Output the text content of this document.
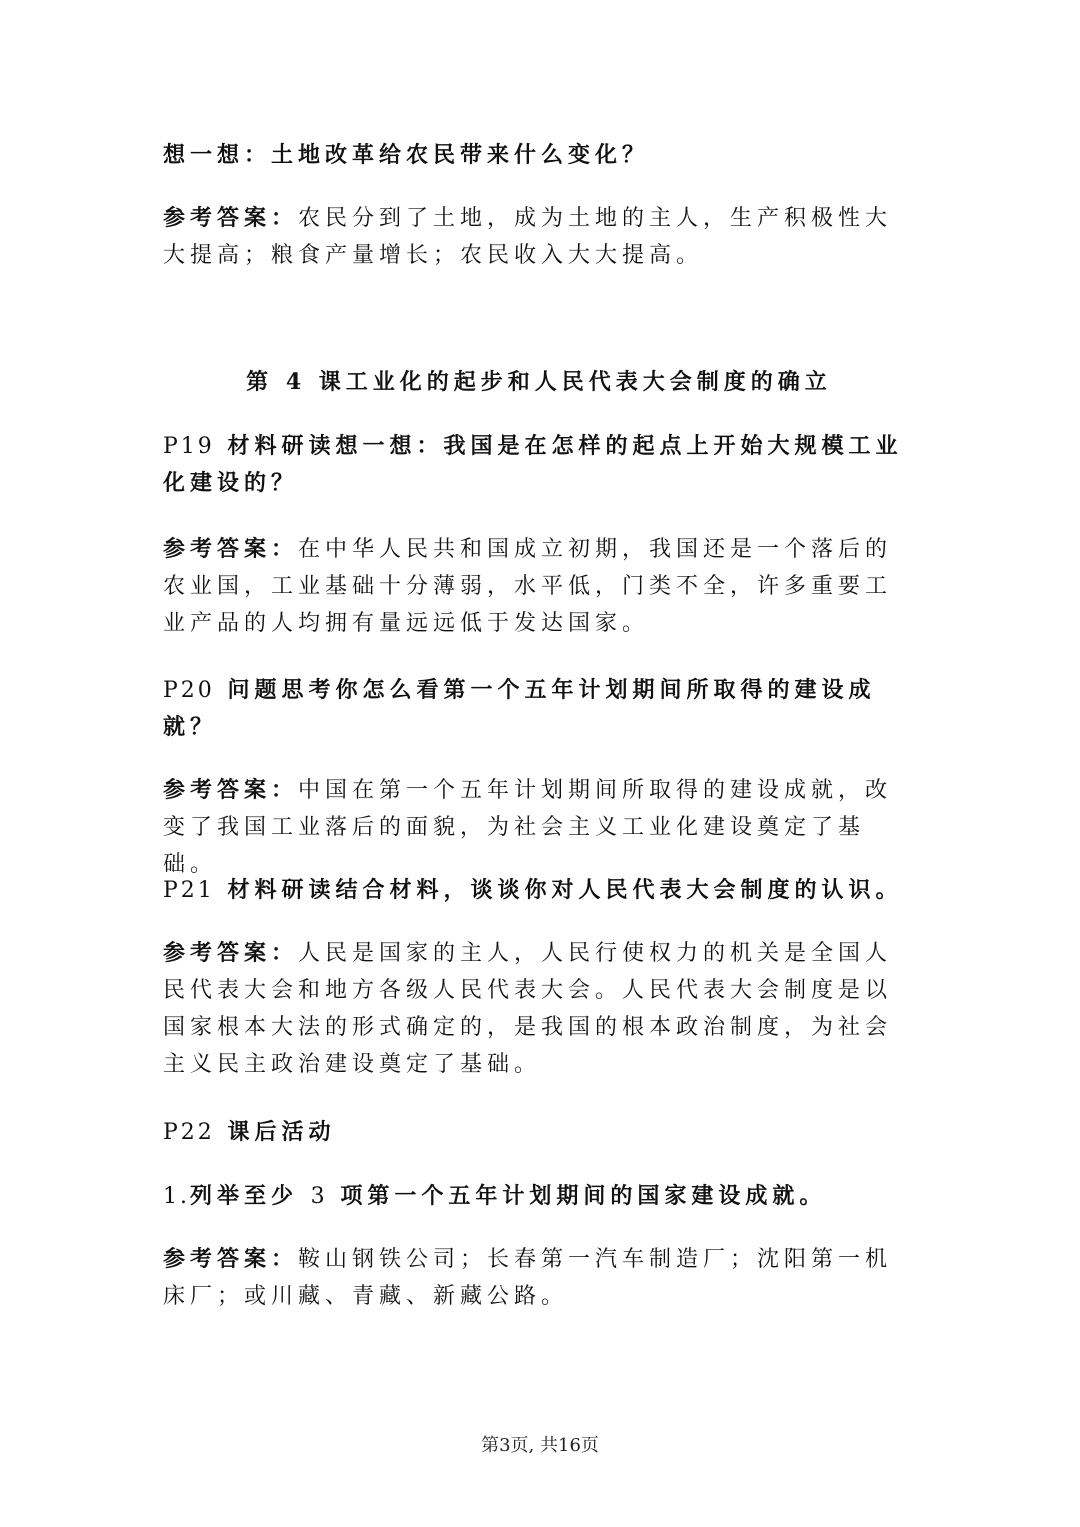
想一想：土地改革给农民带来什么变化？
参考答案：农民分到了土地，成为土地的主人，生产积极性大大提高；粮食产量增长；农民收入大大提高。
第 4 课工业化的起步和人民代表大会制度的确立
P19 材料研读想一想：我国是在怎样的起点上开始大规模工业化建设的？
参考答案：在中华人民共和国成立初期，我国还是一个落后的农业国，工业基础十分薄弱，水平低，门类不全，许多重要工业产品的人均拥有量远远低于发达国家。
P20 问题思考你怎么看第一个五年计划期间所取得的建设成
就？
参考答案：中国在第一个五年计划期间所取得的建设成就，改变了我国工业落后的面貌，为社会主义工业化建设奠定了基础。
P21 材料研读结合材料，谈谈你对人民代表大会制度的认识。
参考答案：人民是国家的主人，人民行使权力的机关是全国人民代表大会和地方各级人民代表大会。人民代表大会制度是以国家根本大法的形式确定的，是我国的根本政治制度，为社会主义民主政治建设奠定了基础。
P22 课后活动
1.列举至少 3 项第一个五年计划期间的国家建设成就。
参考答案：鞍山钢铁公司；长春第一汽车制造厂；沈阳第一机床厂；或川藏、青藏、新藏公路。
第3页, 共16页
